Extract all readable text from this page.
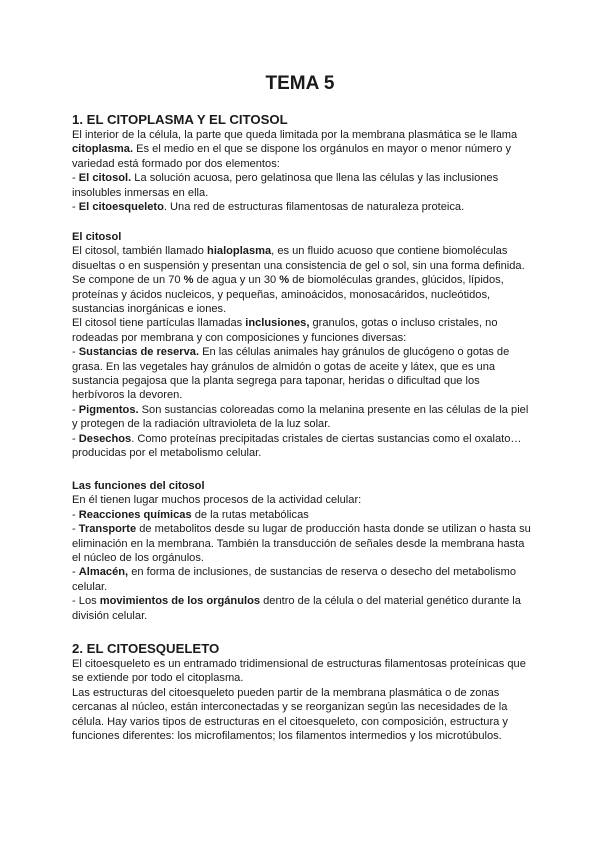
TEMA 5
1. EL CITOPLASMA Y EL CITOSOL

El interior de la célula, la parte que queda limitada por la membrana plasmática se le llama citoplasma. Es el medio en el que se dispone los orgánulos en mayor o menor número y variedad está formado por dos elementos:

- El citosol. La solución acuosa, pero gelatinosa que llena las células y las inclusiones insolubles inmersas en ella.

- El citoesqueleto. Una red de estructuras filamentosas de naturaleza proteica.

El citosol

El citosol, también llamado hialoplasma, es un fluido acuoso que contiene biomoléculas disueltas o en suspensión y presentan una consistencia de gel o sol, sin una forma definida.

Se compone de un 70 % de agua y un 30 % de biomoléculas grandes, glúcidos, lípidos, proteínas y ácidos nucleicos, y pequeñas, aminoácidos, monosacáridos, nucleótidos, sustancias inorgánicas e iones.

El citosol tiene partículas llamadas inclusiones, granulos, gotas o incluso cristales, no rodeadas por membrana y con composiciones y funciones diversas:

- Sustancias de reserva. En las células animales hay gránulos de glucógeno o gotas de grasa. En las vegetales hay gránulos de almidón o gotas de aceite y látex, que es una sustancia pegajosa que la planta segrega para taponar, heridas o dificultad que los herbívoros la devoren.

- Pigmentos. Son sustancias coloreadas como la melanina presente en las células de la piel y protegen de la radiación ultravioleta de la luz solar.

- Desechos. Como proteínas precipitadas cristales de ciertas sustancias como el oxalato… producidas por el metabolismo celular.

Las funciones del citosol

En él tienen lugar muchos procesos de la actividad celular:

- Reacciones químicas de la rutas metabólicas

- Transporte de metabolitos desde su lugar de producción hasta donde se utilizan o hasta su eliminación en la membrana. También la transducción de señales desde la membrana hasta el núcleo de los orgánulos.

- Almacén, en forma de inclusiones, de sustancias de reserva o desecho del metabolismo celular.

- Los movimientos de los orgánulos dentro de la célula o del material genético durante la división celular.

2. EL CITOESQUELETO

El citoesqueleto es un entramado tridimensional de estructuras filamentosas proteínicas que se extiende por todo el citoplasma.

Las estructuras del citoesqueleto pueden partir de la membrana plasmática o de zonas cercanas al núcleo, están interconectadas y se reorganizan según las necesidades de la célula. Hay varios tipos de estructuras en el citoesqueleto, con composición, estructura y funciones diferentes: los microfilamentos; los filamentos intermedios y los microtúbulos.
